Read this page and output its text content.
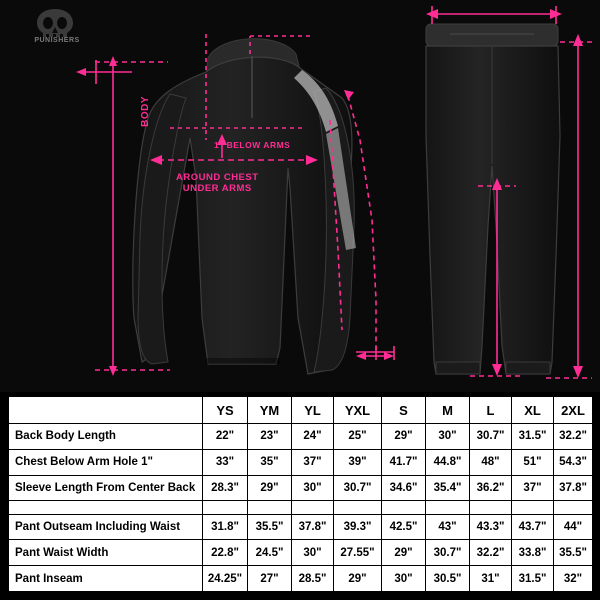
PUNISHERS
BODY
1" BELOW ARMS
AROUND CHEST
UNDER ARMS
	YS	YM	YL	YXL	S	M	L	XL	2XL
Back Body Length	22"	23"	24"	25"	29"	30"	30.7"	31.5"	32.2"
Chest Below Arm Hole 1"	33"	35"	37"	39"	41.7"	44.8"	48"	51"	54.3"
Sleeve Length From Center Back	28.3"	29"	30"	30.7"	34.6"	35.4"	36.2"	37"	37.8"

Pant Outseam Including Waist	31.8"	35.5"	37.8"	39.3"	42.5"	43"	43.3"	43.7"	44"
Pant Waist Width	22.8"	24.5"	30"	27.55"	29"	30.7"	32.2"	33.8"	35.5"
Pant Inseam	24.25"	27"	28.5"	29"	30"	30.5"	31"	31.5"	32"
